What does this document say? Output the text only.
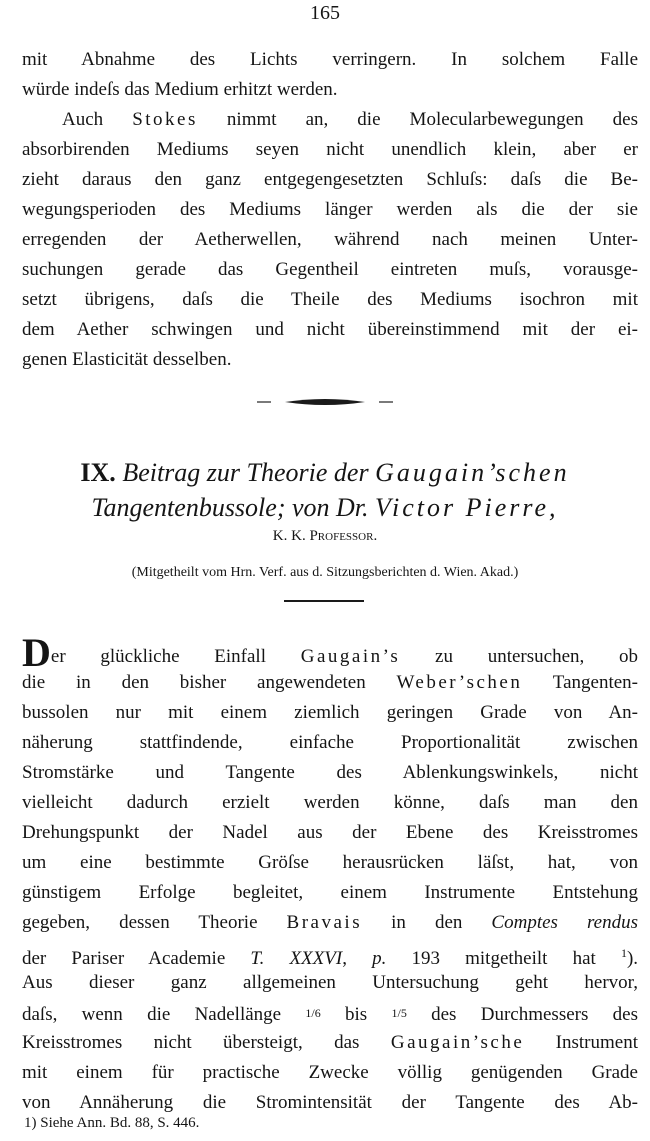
165
mit Abnahme des Lichts verringern. In solchem Falle
würde indeſs das Medium erhitzt werden.
Auch Stokes nimmt an, die Molecularbewegungen des
absorbirenden Mediums seyen nicht unendlich klein, aber er
zieht daraus den ganz entgegengesetzten Schluſs: daſs die Be-
wegungsperioden des Mediums länger werden als die der sie
erregenden der Aetherwellen, während nach meinen Unter-
suchungen gerade das Gegentheil eintreten muſs, vorausge-
setzt übrigens, daſs die Theile des Mediums isochron mit
dem Aether schwingen und nicht übereinstimmend mit der ei-
genen Elasticität desselben.
IX. Beitrag zur Theorie der Gaugain’schen
Tangentenbussole; von Dr. Victor Pierre,
K. K. Professor.
(Mitgetheilt vom Hrn. Verf. aus d. Sitzungsberichten d. Wien. Akad.)
Der glückliche Einfall Gaugain’s zu untersuchen, ob
die in den bisher angewendeten Weber’schen Tangenten-
bussolen nur mit einem ziemlich geringen Grade von An-
näherung stattfindende, einfache Proportionalität zwischen
Stromstärke und Tangente des Ablenkungswinkels, nicht
vielleicht dadurch erzielt werden könne, daſs man den
Drehungspunkt der Nadel aus der Ebene des Kreisstromes
um eine bestimmte Gröſse herausrücken läſst, hat, von
günstigem Erfolge begleitet, einem Instrumente Entstehung
gegeben, dessen Theorie Bravais in den Comptes rendus
der Pariser Academie T. XXXVI, p. 193 mitgetheilt hat $^1$).
Aus dieser ganz allgemeinen Untersuchung geht hervor,
daſs, wenn die Nadellänge 1/6 bis 1/5 des Durchmessers des
Kreisstromes nicht übersteigt, das Gaugain’sche Instrument
mit einem für practische Zwecke völlig genügenden Grade
von Annäherung die Stromintensität der Tangente des Ab-
1) Siehe Ann. Bd. 88, S. 446.
